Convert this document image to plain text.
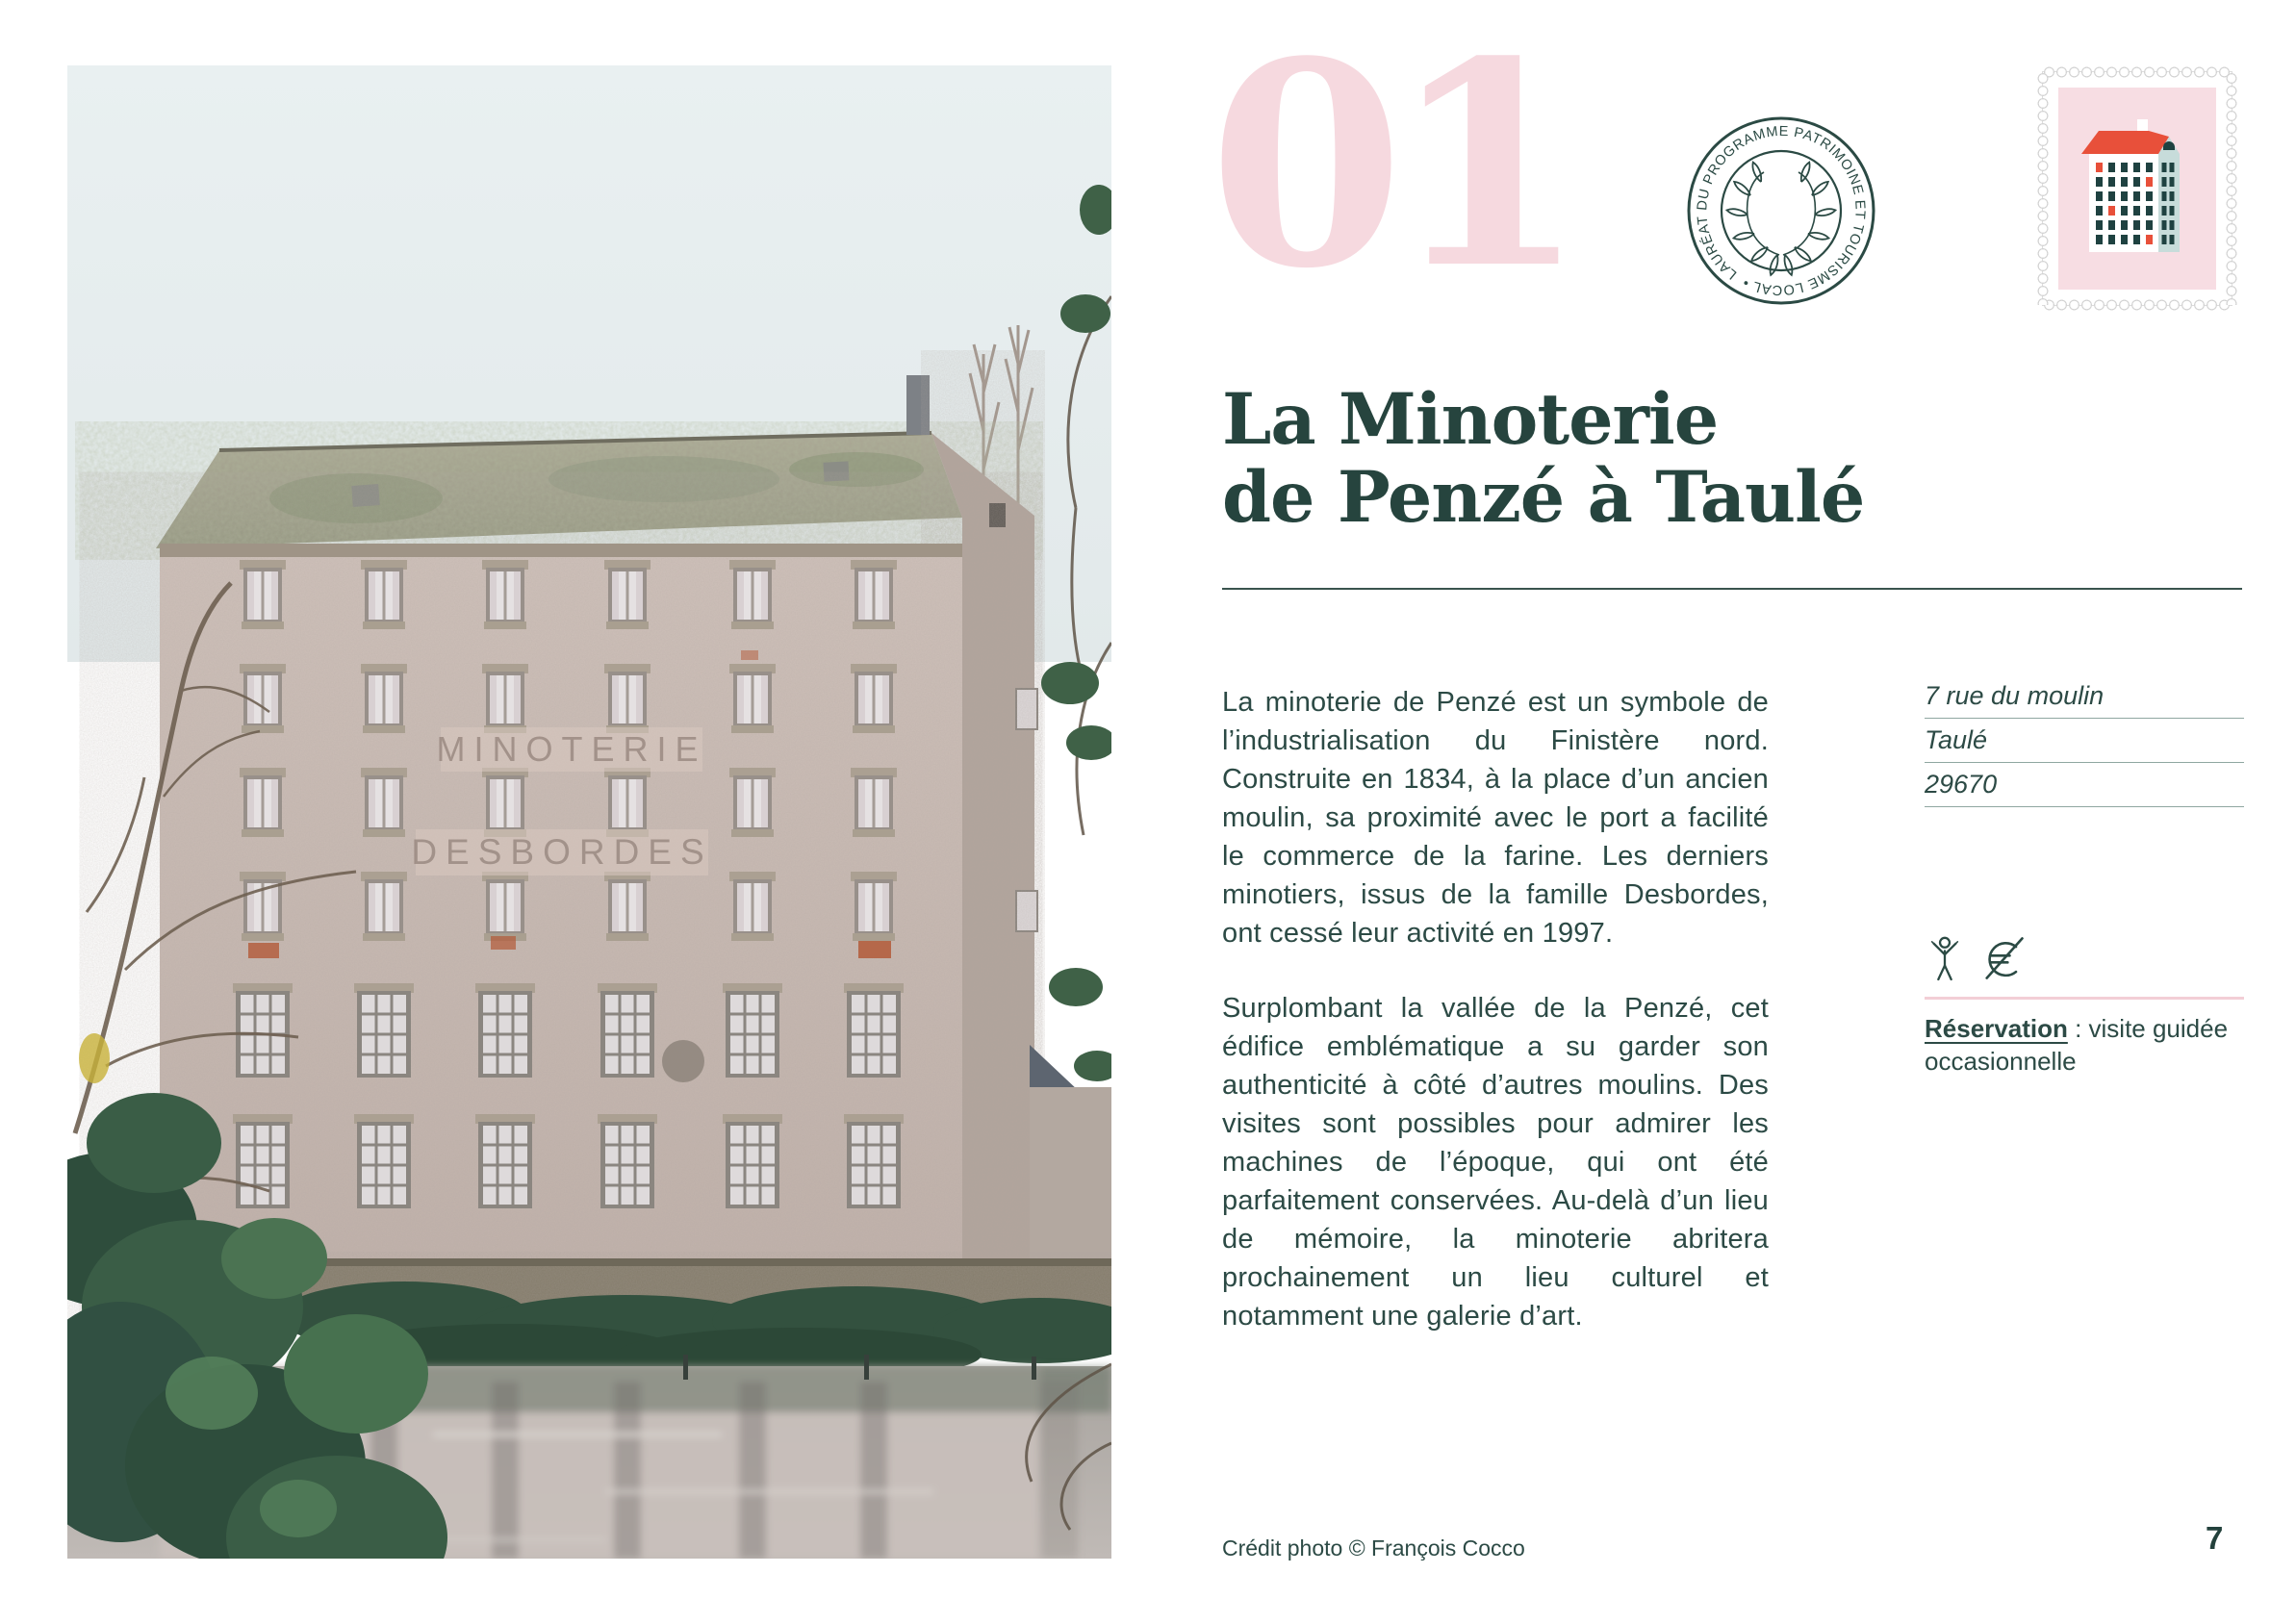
MINOTERIE
DESBORDES
01	LAURÉAT DU PROGRAMME PATRIMOINE ET TOURISME LOCAL •
La Minoterie
de Penzé à Taulé

La minoterie de Penzé est un symbole de l’industrialisation du Finistère nord. Construite en 1834, à la place d’un ancien moulin, sa proximité avec le port a facilité le commerce de la farine. Les derniers minotiers, issus de la famille Desbordes, ont cessé leur activité en 1997.

Surplombant la vallée de la Penzé, cet édifice emblématique a su garder son authenticité à côté d’autres moulins. Des visites sont possibles pour admirer les machines de l’époque, qui ont été parfaitement conservées. Au-delà d’un lieu de mémoire, la minoterie abritera prochainement un lieu culturel et notamment une galerie d’art.

7 rue du moulin
Taulé
29670
Réservation : visite guidée occasionnelle
Crédit photo © François Cocco	7
